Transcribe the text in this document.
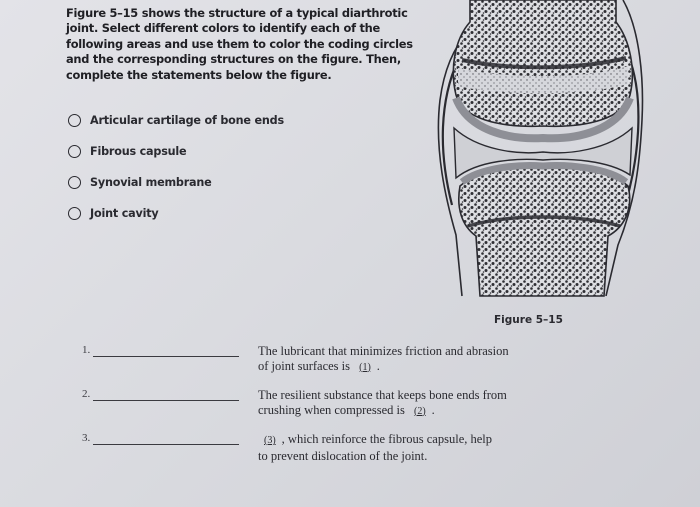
Figure 5–15 shows the structure of a typical diarthrotic
joint. Select different colors to identify each of the
following areas and use them to color the coding circles
and the corresponding structures on the figure. Then,
complete the statements below the figure.
Articular cartilage of bone ends
Fibrous capsule
Synovial membrane
Joint cavity
Figure 5–15
1.	The lubricant that minimizes friction and abrasion
of joint surfaces is (1) .
2.	The resilient substance that keeps bone ends from
crushing when compressed is (2) .
3.	(3) , which reinforce the fibrous capsule, help
to prevent dislocation of the joint.
